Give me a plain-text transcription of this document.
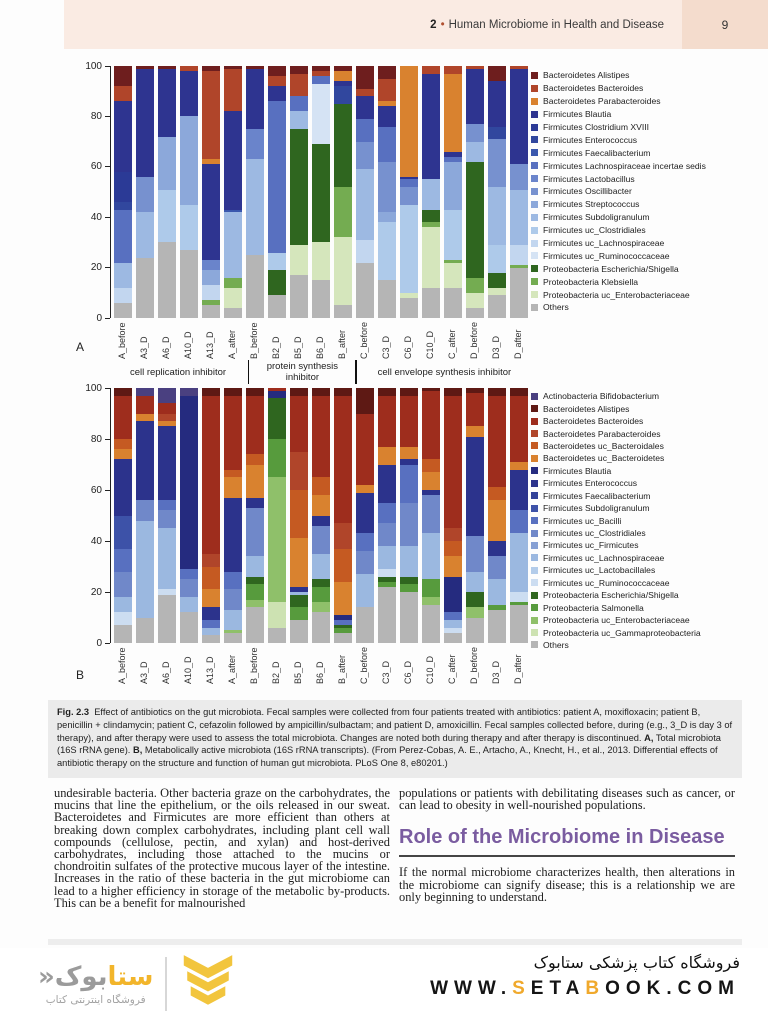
2 • Human Microbiome in Health and Disease	9
0
20
40
60
80
100
A_before A3_D A6_D A10_D A13_D A_after B_before B2_D B5_D B6_D B_after C_before C3_D C6_D C10_D C_after D_before D3_D D_after
A
Bacteroidetes Alistipes
Bacteroidetes Bacteroides
Bacteroidetes Parabacteroides
Firmicutes Blautia
Firmicutes Clostridium XVIII
Firmicutes Enterococcus
Firmicutes Faecalibacterium
Firmicutes Lachnospiraceae incertae sedis
Firmicutes Lactobacillus
Firmicutes Oscillibacter
Firmicutes Streptococcus
Firmicutes Subdoligranulum
Firmicutes uc_Clostridiales
Firmicutes uc_Lachnospiraceae
Firmicutes uc_Ruminococcaceae
Proteobacteria Escherichia/Shigella
Proteobacteria Klebsiella
Proteobacteria uc_Enterobacteriaceae
Others
cell replication inhibitor	protein synthesis inhibitor	cell envelope synthesis inhibitor
0
20
40
60
80
100
A_before A3_D A6_D A10_D A13_D A_after B_before B2_D B5_D B6_D B_after C_before C3_D C6_D C10_D C_after D_before D3_D D_after
B
Actinobacteria Bifidobacterium
Bacteroidetes Alistipes
Bacteroidetes Bacteroides
Bacteroidetes Parabacteroides
Bacteroidetes uc_Bacteroidales
Bacteroidetes uc_Bacteroidetes
Firmicutes Blautia
Firmicutes Enterococcus
Firmicutes Faecalibacterium
Firmicutes Subdoligranulum
Firmicutes uc_Bacilli
Firmicutes uc_Clostridiales
Firmicutes uc_Firmicutes
Firmicutes uc_Lachnospiraceae
Firmicutes uc_Lactobacillales
Firmicutes uc_Ruminococcaceae
Proteobacteria Escherichia/Shigella
Proteobacteria Salmonella
Proteobacteria uc_Enterobacteriaceae
Proteobacteria uc_Gammaproteobacteria
Others
Fig. 2.3 Effect of antibiotics on the gut microbiota. Fecal samples were collected from four patients treated with antibiotics: patient A, moxifloxacin; patient B, penicillin + clindamycin; patient C, cefazolin followed by ampicillin/sulbactam; and patient D, amoxicillin. Fecal samples collected before, during (e.g., 3_D is day 3 of therapy), and after therapy were used to assess the total microbiota. Changes are noted both during therapy and after therapy is discontinued. A, Total microbiota (16S rRNA gene). B, Metabolically active microbiota (16S rRNA transcripts). (From Perez-Cobas, A. E., Artacho, A., Knecht, H., et al., 2013. Differential effects of antibiotic therapy on the structure and function of human gut microbiota. PLoS One 8, e80201.)

undesirable bacteria. Other bacteria graze on the carbohydrates, the mucins that line the epithelium, or the oils released in our sweat. Bacteroidetes and Firmicutes are more efficient than others at breaking down complex carbohydrates, including plant cell wall compounds (cellulose, pectin, and xylan) and host-derived carbohydrates, including those attached to the mucins or chondroitin sulfates of the protective mucous layer of the intestine. Increases in the ratio of these bacteria in the gut microbiome can lead to a higher efficiency in storage of the metabolic by-products. This can be a benefit for malnourished

populations or patients with debilitating diseases such as cancer, or can lead to obesity in well-nourished populations.

Role of the Microbiome in Disease

If the normal microbiome characterizes health, then alterations in the microbiome can signify disease; this is a relationship we are only beginning to understand.

ستابوک«
فروشگاه اینترنتی کتاب
فروشگاه کتاب پزشکی ستابوک
WWW.SETABOOK.COM
